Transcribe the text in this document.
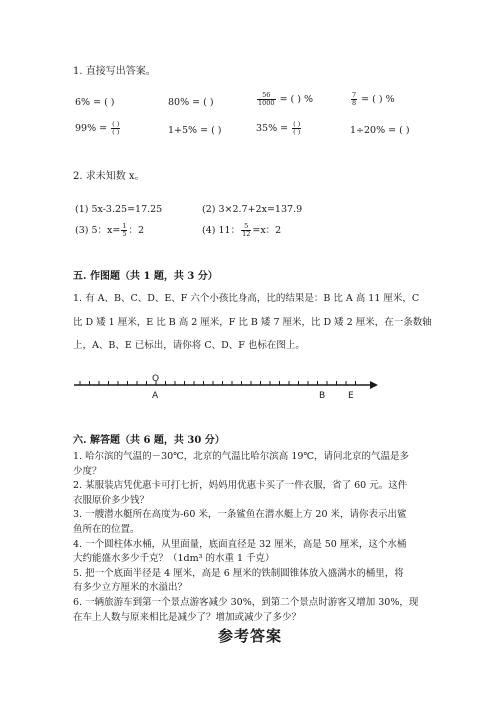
1. 直接写出答案。
6% = ( )	80% = ( )	$\frac{56}{1000}$ = ( ) %	$\frac{7}{8}$ = ( ) %
$99\% = \frac{( )}{( )}$	1+5% = ( )	$35\% = \frac{( )}{( )}$	1÷20% = ( )
2. 求未知数 x。
(1) 5x-3.25=17.25	(2) 3×2.7+2x=137.9
(3) 5：$x= \frac{1}{5}$ ：2	(4) 11： $\frac{5}{12} =x$：2
五. 作图题（共 1 题，共 3 分）
1. 有 A、B、C、D、E、F 六个小孩比身高，比的结果是：B 比 A 高 11 厘米，C
比 D 矮 1 厘米，E 比 B 高 2 厘米，F 比 B 矮 7 厘米，比 D 矮 2 厘米，在一条数轴
上，A、B、E 已标出，请你将 C、D、F 也标在图上。
O
A	B	E
六. 解答题（共 6 题，共 30 分）
1. 哈尔滨的气温的－30℃，北京的气温比哈尔滨高 19℃，请问北京的气温是多
少度？
2. 某服装店凭优惠卡可打七折，妈妈用优惠卡买了一件衣服，省了 60 元。这件
衣服原价多少钱？
3. 一艘潜水艇所在高度为-60 米，一条鲨鱼在潜水艇上方 20 米，请你表示出鲨
鱼所在的位置。
4. 一个圆柱体水桶，从里面量，底面直径是 32 厘米，高是 50 厘米，这个水桶
大约能盛水多少千克？（1dm³ 的水重 1 千克）
5. 把一个底面半径是 4 厘米，高是 6 厘米的铁制圆锥体放入盛满水的桶里，将
有多少立方厘米的水溢出？
6. 一辆旅游车到第一个景点游客减少 30%，到第二个景点时游客又增加 30%，现
在车上人数与原来相比是减少了？增加或减少了多少？
参考答案
